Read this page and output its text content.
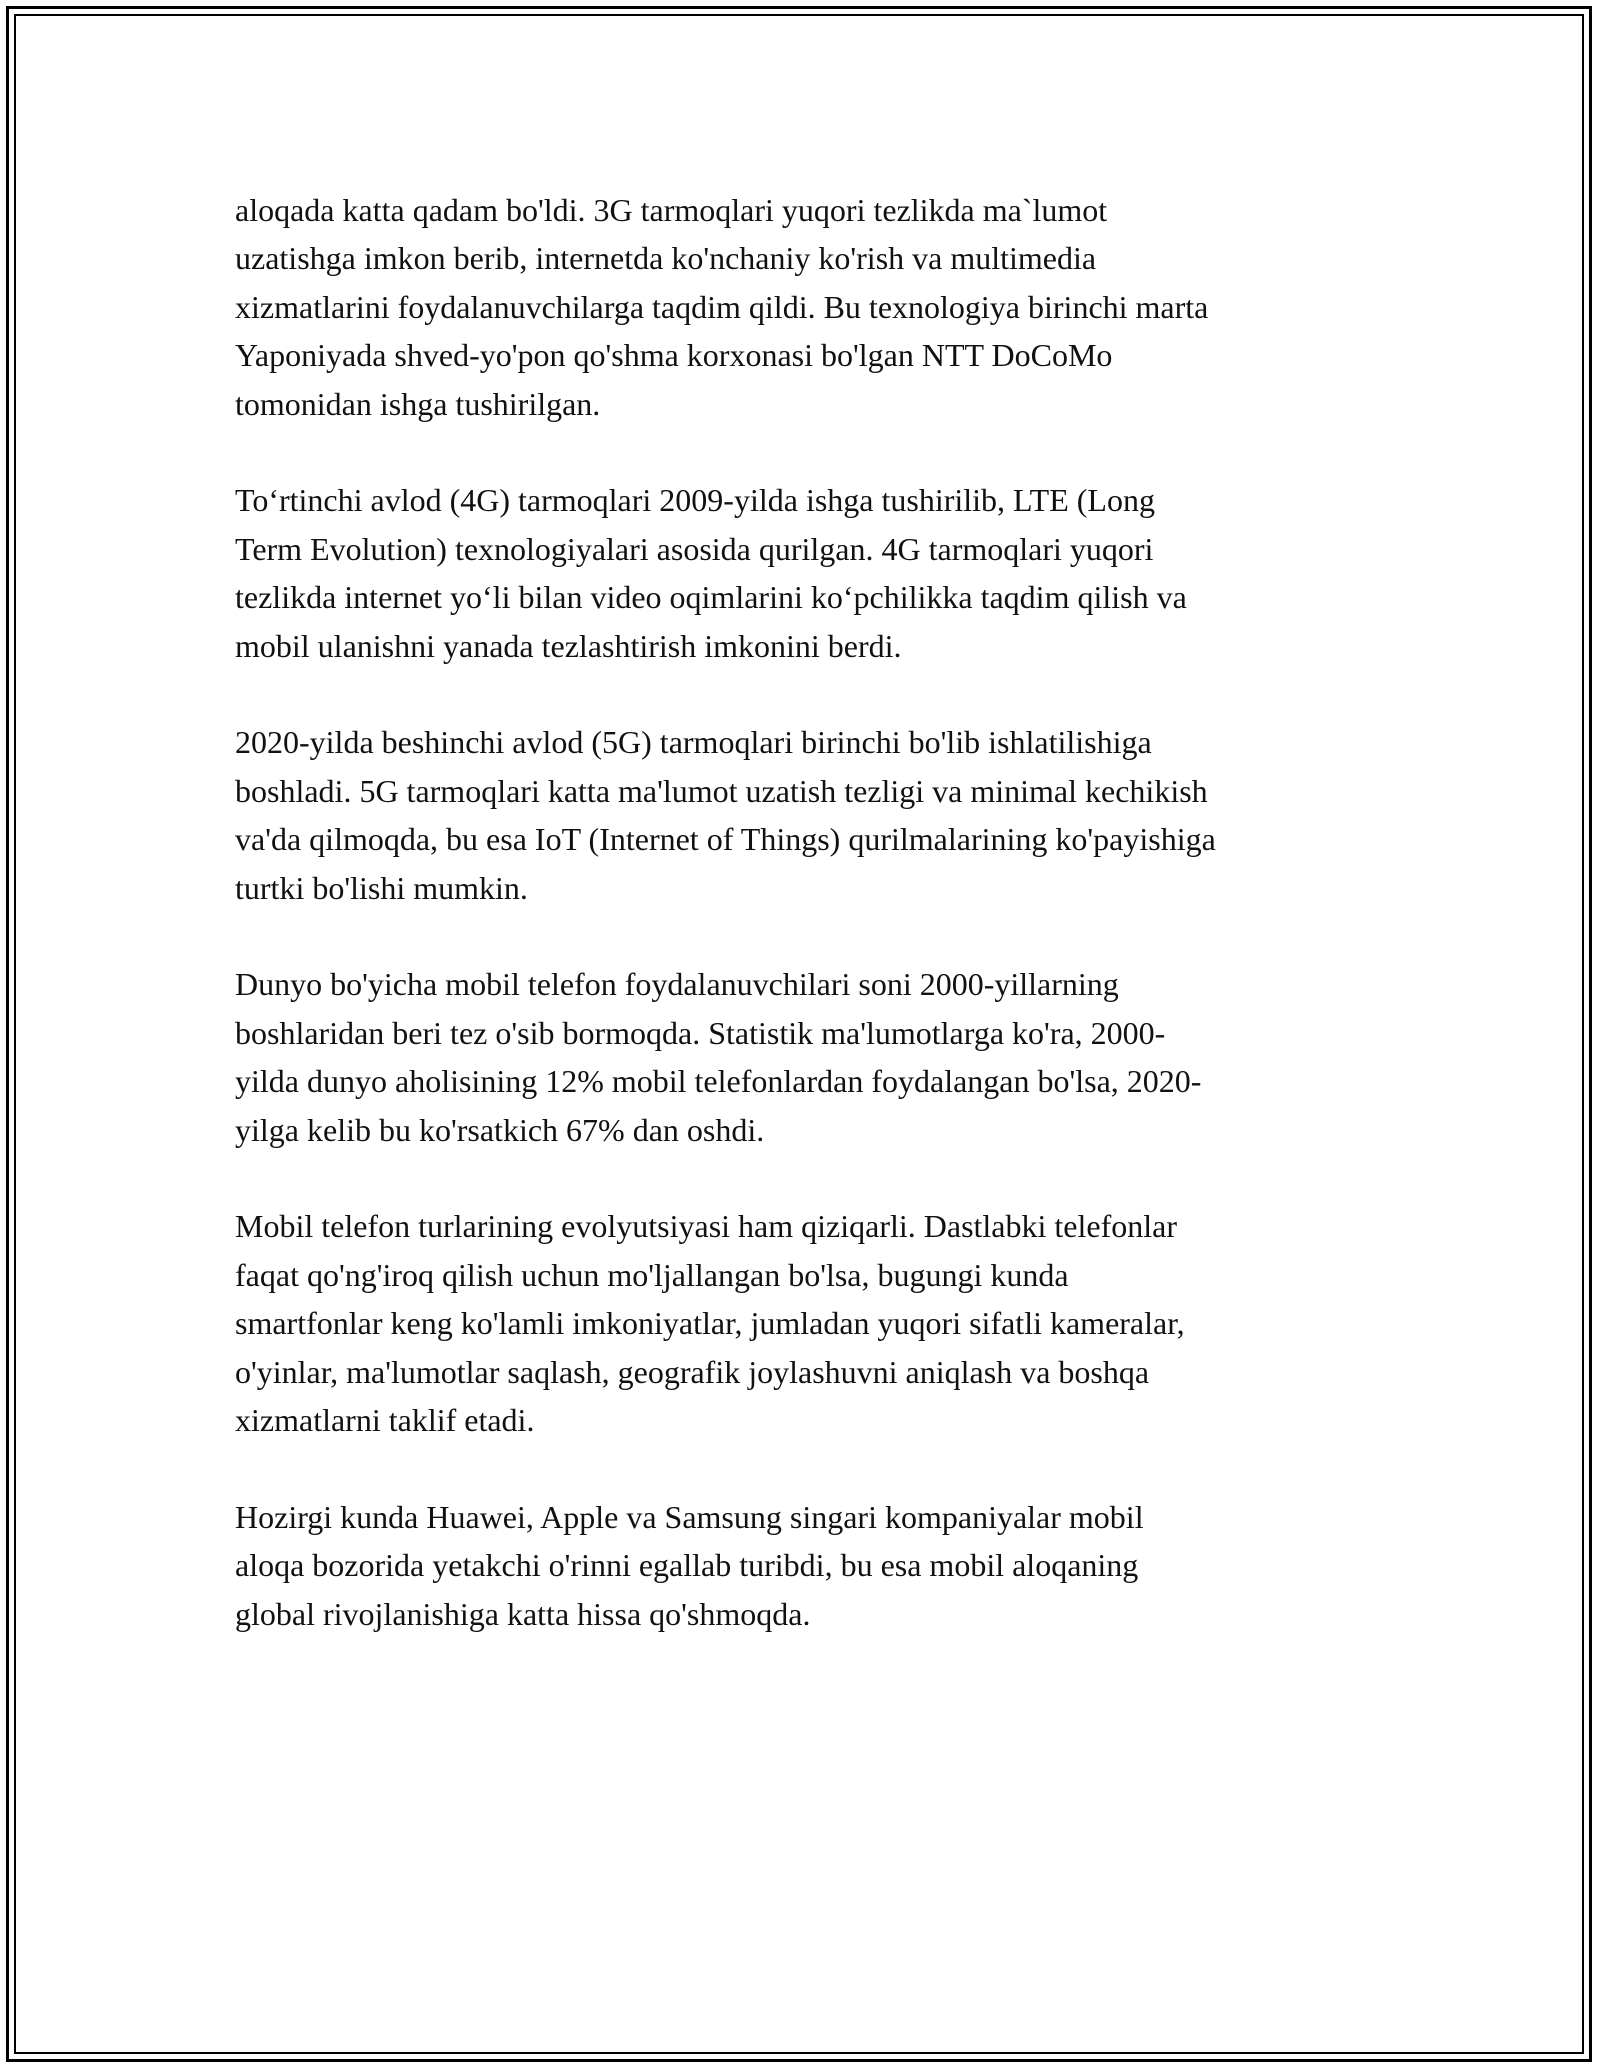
aloqada katta qadam bo'ldi. 3G tarmoqlari yuqori tezlikda ma`lumot
uzatishga imkon berib, internetda ko'nchaniy ko'rish va multimedia
xizmatlarini foydalanuvchilarga taqdim qildi. Bu texnologiya birinchi marta
Yaponiyada shved-yo'pon qo'shma korxonasi bo'lgan NTT DoCoMo
tomonidan ishga tushirilgan.

To‘rtinchi avlod (4G) tarmoqlari 2009-yilda ishga tushirilib, LTE (Long
Term Evolution) texnologiyalari asosida qurilgan. 4G tarmoqlari yuqori
tezlikda internet yo‘li bilan video oqimlarini ko‘pchilikka taqdim qilish va
mobil ulanishni yanada tezlashtirish imkonini berdi.

2020-yilda beshinchi avlod (5G) tarmoqlari birinchi bo'lib ishlatilishiga
boshladi. 5G tarmoqlari katta ma'lumot uzatish tezligi va minimal kechikish
va'da qilmoqda, bu esa IoT (Internet of Things) qurilmalarining ko'payishiga
turtki bo'lishi mumkin.

Dunyo bo'yicha mobil telefon foydalanuvchilari soni 2000-yillarning
boshlaridan beri tez o'sib bormoqda. Statistik ma'lumotlarga ko'ra, 2000-
yilda dunyo aholisining 12% mobil telefonlardan foydalangan bo'lsa, 2020-
yilga kelib bu ko'rsatkich 67% dan oshdi.

Mobil telefon turlarining evolyutsiyasi ham qiziqarli. Dastlabki telefonlar
faqat qo'ng'iroq qilish uchun mo'ljallangan bo'lsa, bugungi kunda
smartfonlar keng ko'lamli imkoniyatlar, jumladan yuqori sifatli kameralar,
o'yinlar, ma'lumotlar saqlash, geografik joylashuvni aniqlash va boshqa
xizmatlarni taklif etadi.

Hozirgi kunda Huawei, Apple va Samsung singari kompaniyalar mobil
aloqa bozorida yetakchi o'rinni egallab turibdi, bu esa mobil aloqaning
global rivojlanishiga katta hissa qo'shmoqda.
